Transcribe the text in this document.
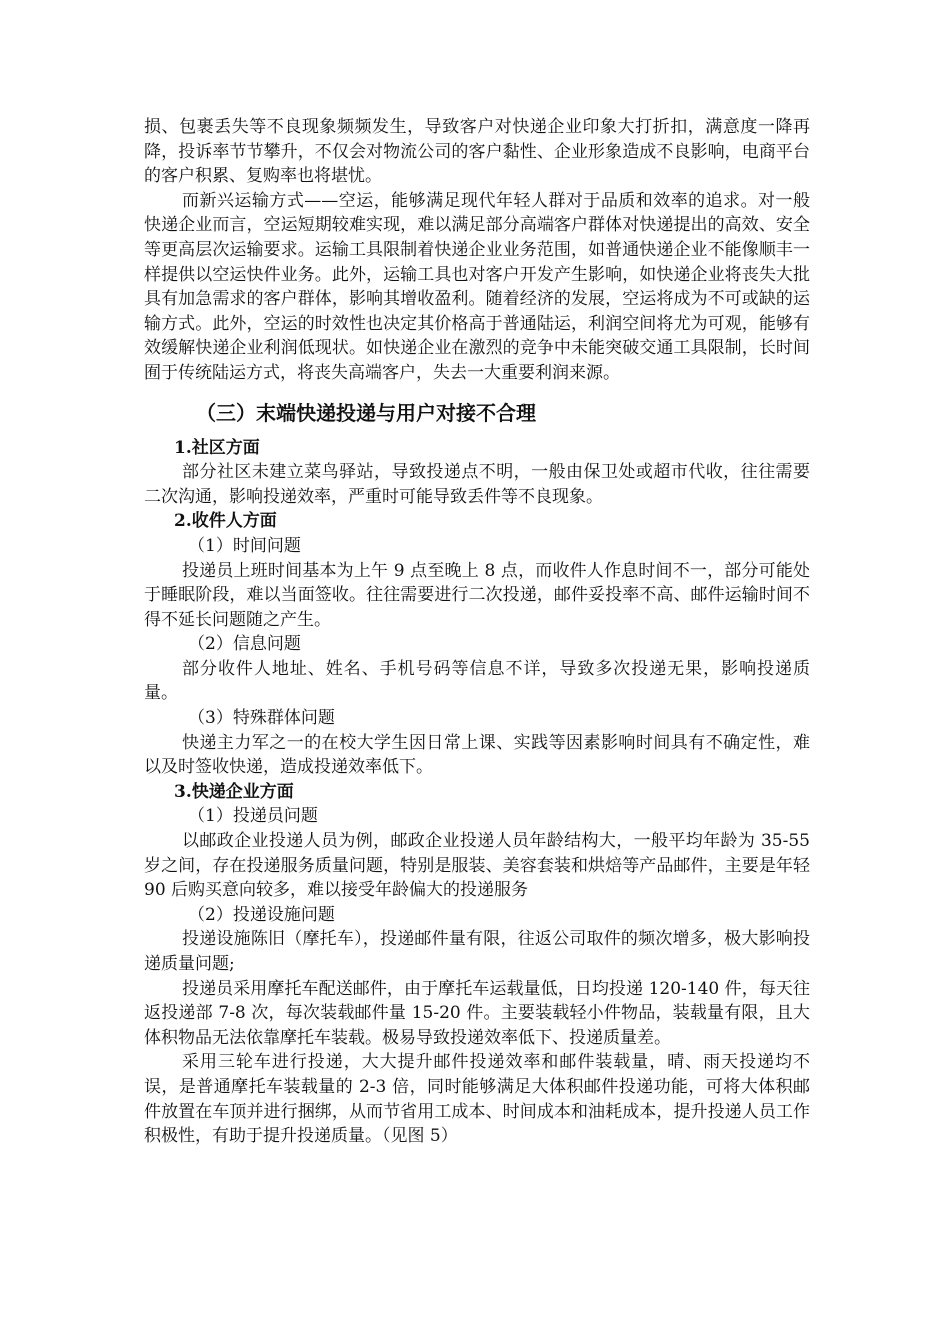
损、包裹丢失等不良现象频频发生，导致客户对快递企业印象大打折扣，满意度一降再降，投诉率节节攀升，不仅会对物流公司的客户黏性、企业形象造成不良影响，电商平台的客户积累、复购率也将堪忧。

而新兴运输方式——空运，能够满足现代年轻人群对于品质和效率的追求。对一般快递企业而言，空运短期较难实现，难以满足部分高端客户群体对快递提出的高效、安全等更高层次运输要求。运输工具限制着快递企业业务范围，如普通快递企业不能像顺丰一样提供以空运快件业务。此外，运输工具也对客户开发产生影响，如快递企业将丧失大批具有加急需求的客户群体，影响其增收盈利。随着经济的发展，空运将成为不可或缺的运输方式。此外，空运的时效性也决定其价格高于普通陆运，利润空间将尤为可观，能够有效缓解快递企业利润低现状。如快递企业在激烈的竞争中未能突破交通工具限制，长时间囿于传统陆运方式，将丧失高端客户，失去一大重要利润来源。

（三）末端快递投递与用户对接不合理
1.社区方面

部分社区未建立菜鸟驿站，导致投递点不明，一般由保卫处或超市代收，往往需要二次沟通，影响投递效率，严重时可能导致丢件等不良现象。

2.收件人方面
（1）时间问题

投递员上班时间基本为上午 9 点至晚上 8 点，而收件人作息时间不一，部分可能处于睡眠阶段，难以当面签收。往往需要进行二次投递，邮件妥投率不高、邮件运输时间不得不延长问题随之产生。

（2）信息问题

部分收件人地址、姓名、手机号码等信息不详，导致多次投递无果，影响投递质量。

（3）特殊群体问题

快递主力军之一的在校大学生因日常上课、实践等因素影响时间具有不确定性，难以及时签收快递，造成投递效率低下。

3.快递企业方面
（1）投递员问题

以邮政企业投递人员为例，邮政企业投递人员年龄结构大，一般平均年龄为 35-55 岁之间，存在投递服务质量问题，特别是服装、美容套装和烘焙等产品邮件，主要是年轻 90 后购买意向较多，难以接受年龄偏大的投递服务

（2）投递设施问题

投递设施陈旧（摩托车），投递邮件量有限，往返公司取件的频次增多，极大影响投递质量问题;

投递员采用摩托车配送邮件，由于摩托车运载量低，日均投递 120-140 件，每天往返投递部 7-8 次，每次装载邮件量 15-20 件。主要装载轻小件物品，装载量有限，且大体积物品无法依靠摩托车装载。极易导致投递效率低下、投递质量差。

采用三轮车进行投递，大大提升邮件投递效率和邮件装载量，晴、雨天投递均不误，是普通摩托车装载量的 2-3 倍，同时能够满足大体积邮件投递功能，可将大体积邮件放置在车顶并进行捆绑，从而节省用工成本、时间成本和油耗成本，提升投递人员工作积极性，有助于提升投递质量。（见图 5）
